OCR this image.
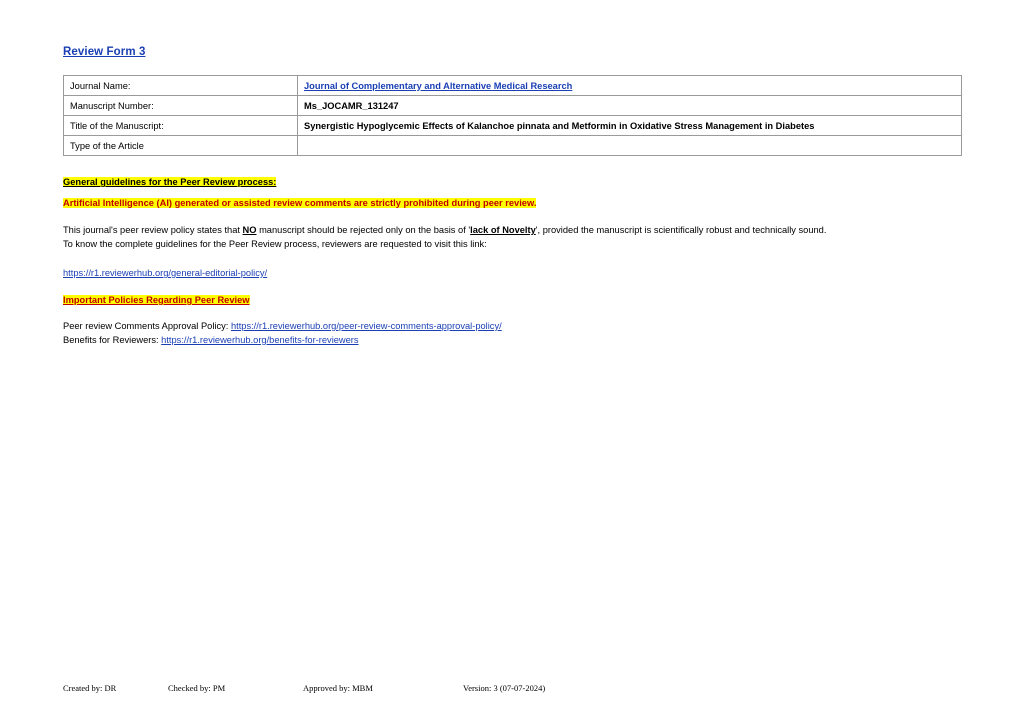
Review Form 3
Journal Name:	Journal of Complementary and Alternative Medical Research
Manuscript Number:	Ms_JOCAMR_131247
Title of the Manuscript:	Synergistic Hypoglycemic Effects of Kalanchoe pinnata and Metformin in Oxidative Stress Management in Diabetes
Type of the Article	
General guidelines for the Peer Review process:
Artificial Intelligence (AI) generated or assisted review comments are strictly prohibited during peer review.
This journal's peer review policy states that NO manuscript should be rejected only on the basis of 'lack of Novelty', provided the manuscript is scientifically robust and technically sound.
To know the complete guidelines for the Peer Review process, reviewers are requested to visit this link:
https://r1.reviewerhub.org/general-editorial-policy/
Important Policies Regarding Peer Review
Peer review Comments Approval Policy: https://r1.reviewerhub.org/peer-review-comments-approval-policy/
Benefits for Reviewers: https://r1.reviewerhub.org/benefits-for-reviewers
Created by: DR	Checked by: PM	Approved by: MBM	Version: 3 (07-07-2024)
